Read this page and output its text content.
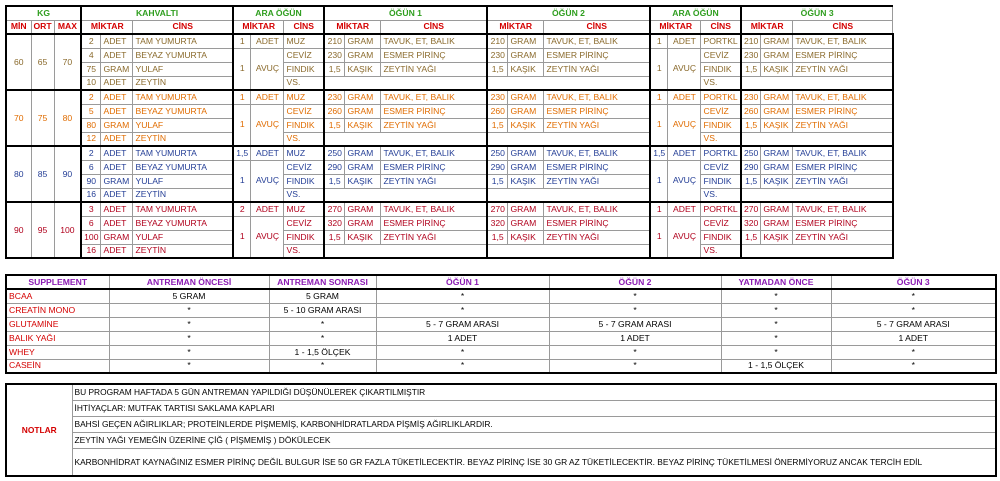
KG			KAHVALTI			ARA ÖĞÜN			ÖĞÜN 1			ÖĞÜN 2			ARA ÖĞÜN			ÖĞÜN 3		
MİN	ORT	MAX	MİKTAR		CİNS	MİKTAR		CİNS	MİKTAR		CİNS	MİKTAR		CİNS	MİKTAR		CİNS	MİKTAR		CİNS
60	65	70	2	ADET	TAM YUMURTA	1	ADET	MUZ	210	GRAM	TAVUK, ET, BALIK	210	GRAM	TAVUK, ET, BALIK	1	ADET	PORTKL	210	GRAM	TAVUK, ET, BALIK
			4	ADET	BEYAZ YUMURTA	1	AVUÇ	CEVİZ	230	GRAM	ESMER PİRİNÇ	230	GRAM	ESMER PİRİNÇ	1	AVUÇ	CEVİZ	230	GRAM	ESMER PİRİNÇ
			75	GRAM	YULAF			FINDIK	1,5	KAŞIK	ZEYTİN YAĞI	1,5	KAŞIK	ZEYTİN YAĞI			FINDIK	1,5	KAŞIK	ZEYTİN YAĞI
			10	ADET	ZEYTİN			VS.									VS.			
70	75	80	2	ADET	TAM YUMURTA	1	ADET	MUZ	230	GRAM	TAVUK, ET, BALIK	230	GRAM	TAVUK, ET, BALIK	1	ADET	PORTKL	230	GRAM	TAVUK, ET, BALIK
			5	ADET	BEYAZ YUMURTA	1	AVUÇ	CEVİZ	260	GRAM	ESMER PİRİNÇ	260	GRAM	ESMER PİRİNÇ	1	AVUÇ	CEVİZ	260	GRAM	ESMER PİRİNÇ
			80	GRAM	YULAF			FINDIK	1,5	KAŞIK	ZEYTİN YAĞI	1,5	KAŞIK	ZEYTİN YAĞI			FINDIK	1,5	KAŞIK	ZEYTİN YAĞI
			12	ADET	ZEYTİN			VS.									VS.			
80	85	90	2	ADET	TAM YUMURTA	1,5	ADET	MUZ	250	GRAM	TAVUK, ET, BALIK	250	GRAM	TAVUK, ET, BALIK	1,5	ADET	PORTKL	250	GRAM	TAVUK, ET, BALIK
			6	ADET	BEYAZ YUMURTA	1	AVUÇ	CEVİZ	290	GRAM	ESMER PİRİNÇ	290	GRAM	ESMER PİRİNÇ	1	AVUÇ	CEVİZ	290	GRAM	ESMER PİRİNÇ
			90	GRAM	YULAF			FINDIK	1,5	KAŞIK	ZEYTİN YAĞI	1,5	KAŞIK	ZEYTİN YAĞI			FINDIK	1,5	KAŞIK	ZEYTİN YAĞI
			16	ADET	ZEYTİN			VS.									VS.			
90	95	100	3	ADET	TAM YUMURTA	2	ADET	MUZ	270	GRAM	TAVUK, ET, BALIK	270	GRAM	TAVUK, ET, BALIK	1	ADET	PORTKL	270	GRAM	TAVUK, ET, BALIK
			6	ADET	BEYAZ YUMURTA	1	AVUÇ	CEVİZ	320	GRAM	ESMER PİRİNÇ	320	GRAM	ESMER PİRİNÇ	1	AVUÇ	CEVİZ	320	GRAM	ESMER PİRİNÇ
			100	GRAM	YULAF			FINDIK	1,5	KAŞIK	ZEYTİN YAĞI	1,5	KAŞIK	ZEYTİN YAĞI			FINDIK	1,5	KAŞIK	ZEYTİN YAĞI
			16	ADET	ZEYTİN			VS.									VS.			
SUPPLEMENT	ANTREMAN ÖNCESİ	ANTREMAN SONRASI	ÖĞÜN 1	ÖĞÜN 2	YATMADAN ÖNCE	ÖĞÜN 3
BCAA	5 GRAM	5 GRAM	*	*	*	*
CREATİN MONO	*	5 - 10 GRAM ARASI	*	*	*	*
GLUTAMİNE	*	*	5 - 7 GRAM ARASI	5 - 7 GRAM ARASI	*	5 - 7 GRAM ARASI
BALIK YAĞI	*	*	1 ADET	1 ADET	*	1 ADET
WHEY	*	1 - 1,5 ÖLÇEK	*	*	*	*
CASEİN	*	*	*	*	1 - 1,5 ÖLÇEK	*
NOTLAR	BU PROGRAM HAFTADA 5 GÜN ANTREMAN YAPILDIĞI DÜŞÜNÜLEREK ÇIKARTILMIŞTIR
İHTİYAÇLAR: MUTFAK TARTISI SAKLAMA KAPLARI
BAHSİ GEÇEN AĞIRLIKLAR; PROTEİNLERDE PİŞMEMİŞ, KARBONHİDRATLARDA PİŞMİŞ AĞIRLIKLARDIR.
ZEYTİN YAĞI YEMEĞİN ÜZERİNE ÇİĞ ( PİŞMEMİŞ ) DÖKÜLECEK
KARBONHİDRAT KAYNAĞINIZ ESMER PİRİNÇ DEĞİL BULGUR İSE 50 GR FAZLA TÜKETİLECEKTİR. BEYAZ PİRİNÇ İSE 30 GR AZ TÜKETİLECEKTİR. BEYAZ PİRİNÇ TÜKETİLMESİ ÖNERMİYORUZ ANCAK TERCİH EDİL
